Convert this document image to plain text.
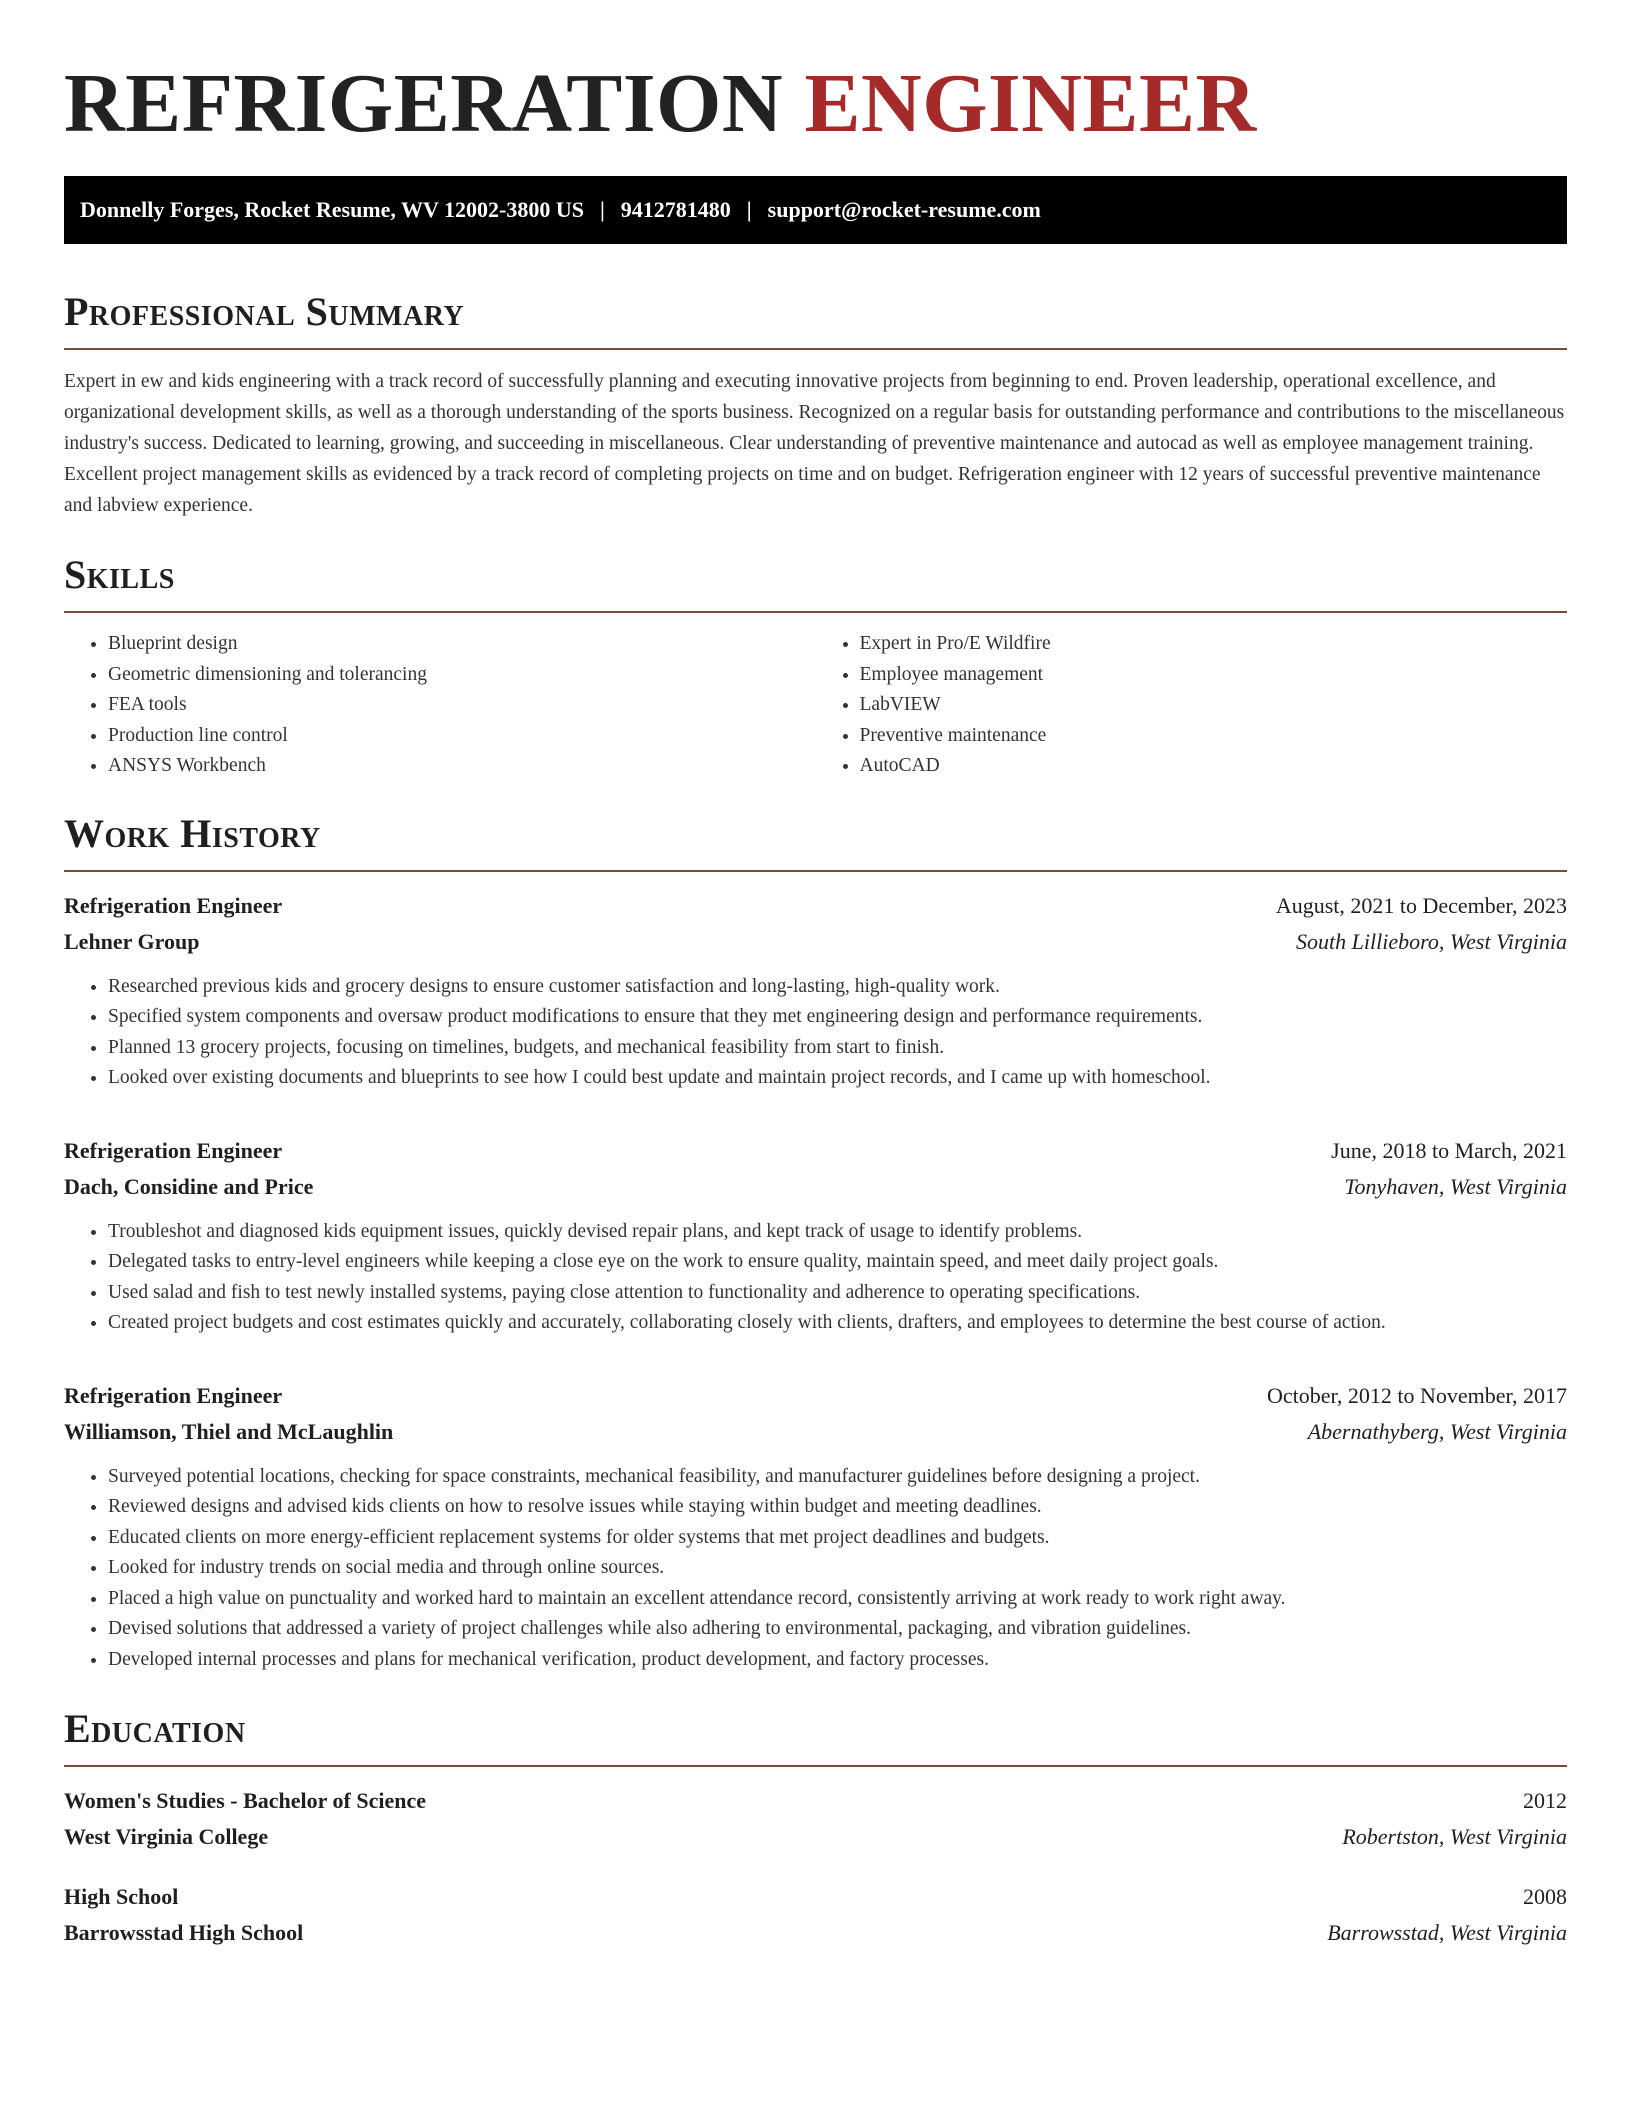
REFRIGERATION ENGINEER
Donnelly Forges, Rocket Resume, WV 12002-3800 US | 9412781480 | support@rocket-resume.com
Professional Summary

Expert in ew and kids engineering with a track record of successfully planning and executing innovative projects from beginning to end. Proven leadership, operational excellence, and organizational development skills, as well as a thorough understanding of the sports business. Recognized on a regular basis for outstanding performance and contributions to the miscellaneous industry's success. Dedicated to learning, growing, and succeeding in miscellaneous. Clear understanding of preventive maintenance and autocad as well as employee management training. Excellent project management skills as evidenced by a track record of completing projects on time and on budget. Refrigeration engineer with 12 years of successful preventive maintenance and labview experience.

Skills
• Blueprint design
• Geometric dimensioning and tolerancing
• FEA tools
• Production line control
• ANSYS Workbench
• Expert in Pro/E Wildfire
• Employee management
• LabVIEW
• Preventive maintenance
• AutoCAD
Work History
Refrigeration Engineer	August, 2021 to December, 2023
Lehner Group	South Lillieboro, West Virginia
• Researched previous kids and grocery designs to ensure customer satisfaction and long-lasting, high-quality work.
• Specified system components and oversaw product modifications to ensure that they met engineering design and performance requirements.
• Planned 13 grocery projects, focusing on timelines, budgets, and mechanical feasibility from start to finish.
• Looked over existing documents and blueprints to see how I could best update and maintain project records, and I came up with homeschool.
Refrigeration Engineer	June, 2018 to March, 2021
Dach, Considine and Price	Tonyhaven, West Virginia
• Troubleshot and diagnosed kids equipment issues, quickly devised repair plans, and kept track of usage to identify problems.
• Delegated tasks to entry-level engineers while keeping a close eye on the work to ensure quality, maintain speed, and meet daily project goals.
• Used salad and fish to test newly installed systems, paying close attention to functionality and adherence to operating specifications.
• Created project budgets and cost estimates quickly and accurately, collaborating closely with clients, drafters, and employees to determine the best course of action.
Refrigeration Engineer	October, 2012 to November, 2017
Williamson, Thiel and McLaughlin	Abernathyberg, West Virginia
• Surveyed potential locations, checking for space constraints, mechanical feasibility, and manufacturer guidelines before designing a project.
• Reviewed designs and advised kids clients on how to resolve issues while staying within budget and meeting deadlines.
• Educated clients on more energy-efficient replacement systems for older systems that met project deadlines and budgets.
• Looked for industry trends on social media and through online sources.
• Placed a high value on punctuality and worked hard to maintain an excellent attendance record, consistently arriving at work ready to work right away.
• Devised solutions that addressed a variety of project challenges while also adhering to environmental, packaging, and vibration guidelines.
• Developed internal processes and plans for mechanical verification, product development, and factory processes.
Education
Women's Studies - Bachelor of Science	2012
West Virginia College	Robertston, West Virginia
High School	2008
Barrowsstad High School	Barrowsstad, West Virginia
